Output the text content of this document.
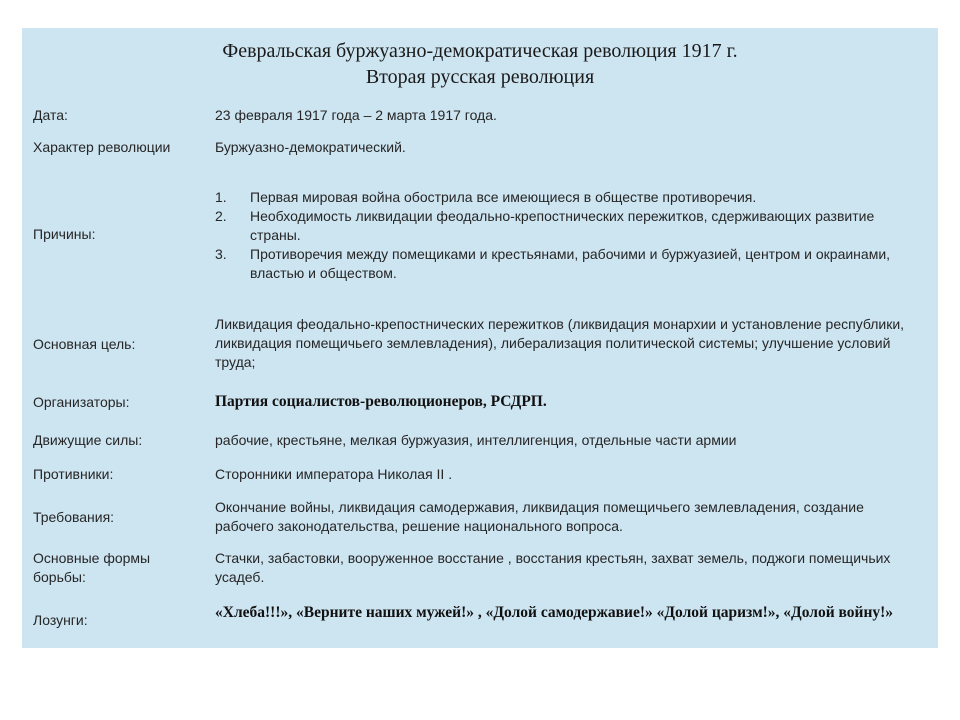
Февральская буржуазно-демократическая революция 1917 г.
Вторая русская революция
Дата:	23 февраля 1917 года – 2 марта 1917 года.
Характер революции	Буржуазно-демократический.
Причины:
1. Первая мировая война обострила все имеющиеся в обществе противоречия.
2. Необходимость ликвидации феодально-крепостнических пережитков, сдерживающих развитие страны.
3. Противоречия между помещиками и крестьянами, рабочими и буржуазией, центром и окраинами, властью и обществом.
Основная цель:
Ликвидация феодально-крепостнических пережитков (ликвидация монархии и установление республики, ликвидация помещичьего землевладения), либерализация политической системы; улучшение условий труда;
Организаторы:	Партия социалистов-революционеров, РСДРП.
Движущие силы:	рабочие, крестьяне, мелкая буржуазия, интеллигенция, отдельные части армии
Противники:	Сторонники императора Николая II .
Требования:
Окончание войны, ликвидация самодержавия, ликвидация помещичьего землевладения, создание рабочего законодательства, решение национального вопроса.
Основные формы
борьбы:
Стачки, забастовки, вооруженное восстание , восстания крестьян, захват земель, поджоги помещичьих усадеб.
Лозунги:	«Хлеба!!!», «Верните наших мужей!» , «Долой самодержавие!» «Долой царизм!», «Долой войну!»
